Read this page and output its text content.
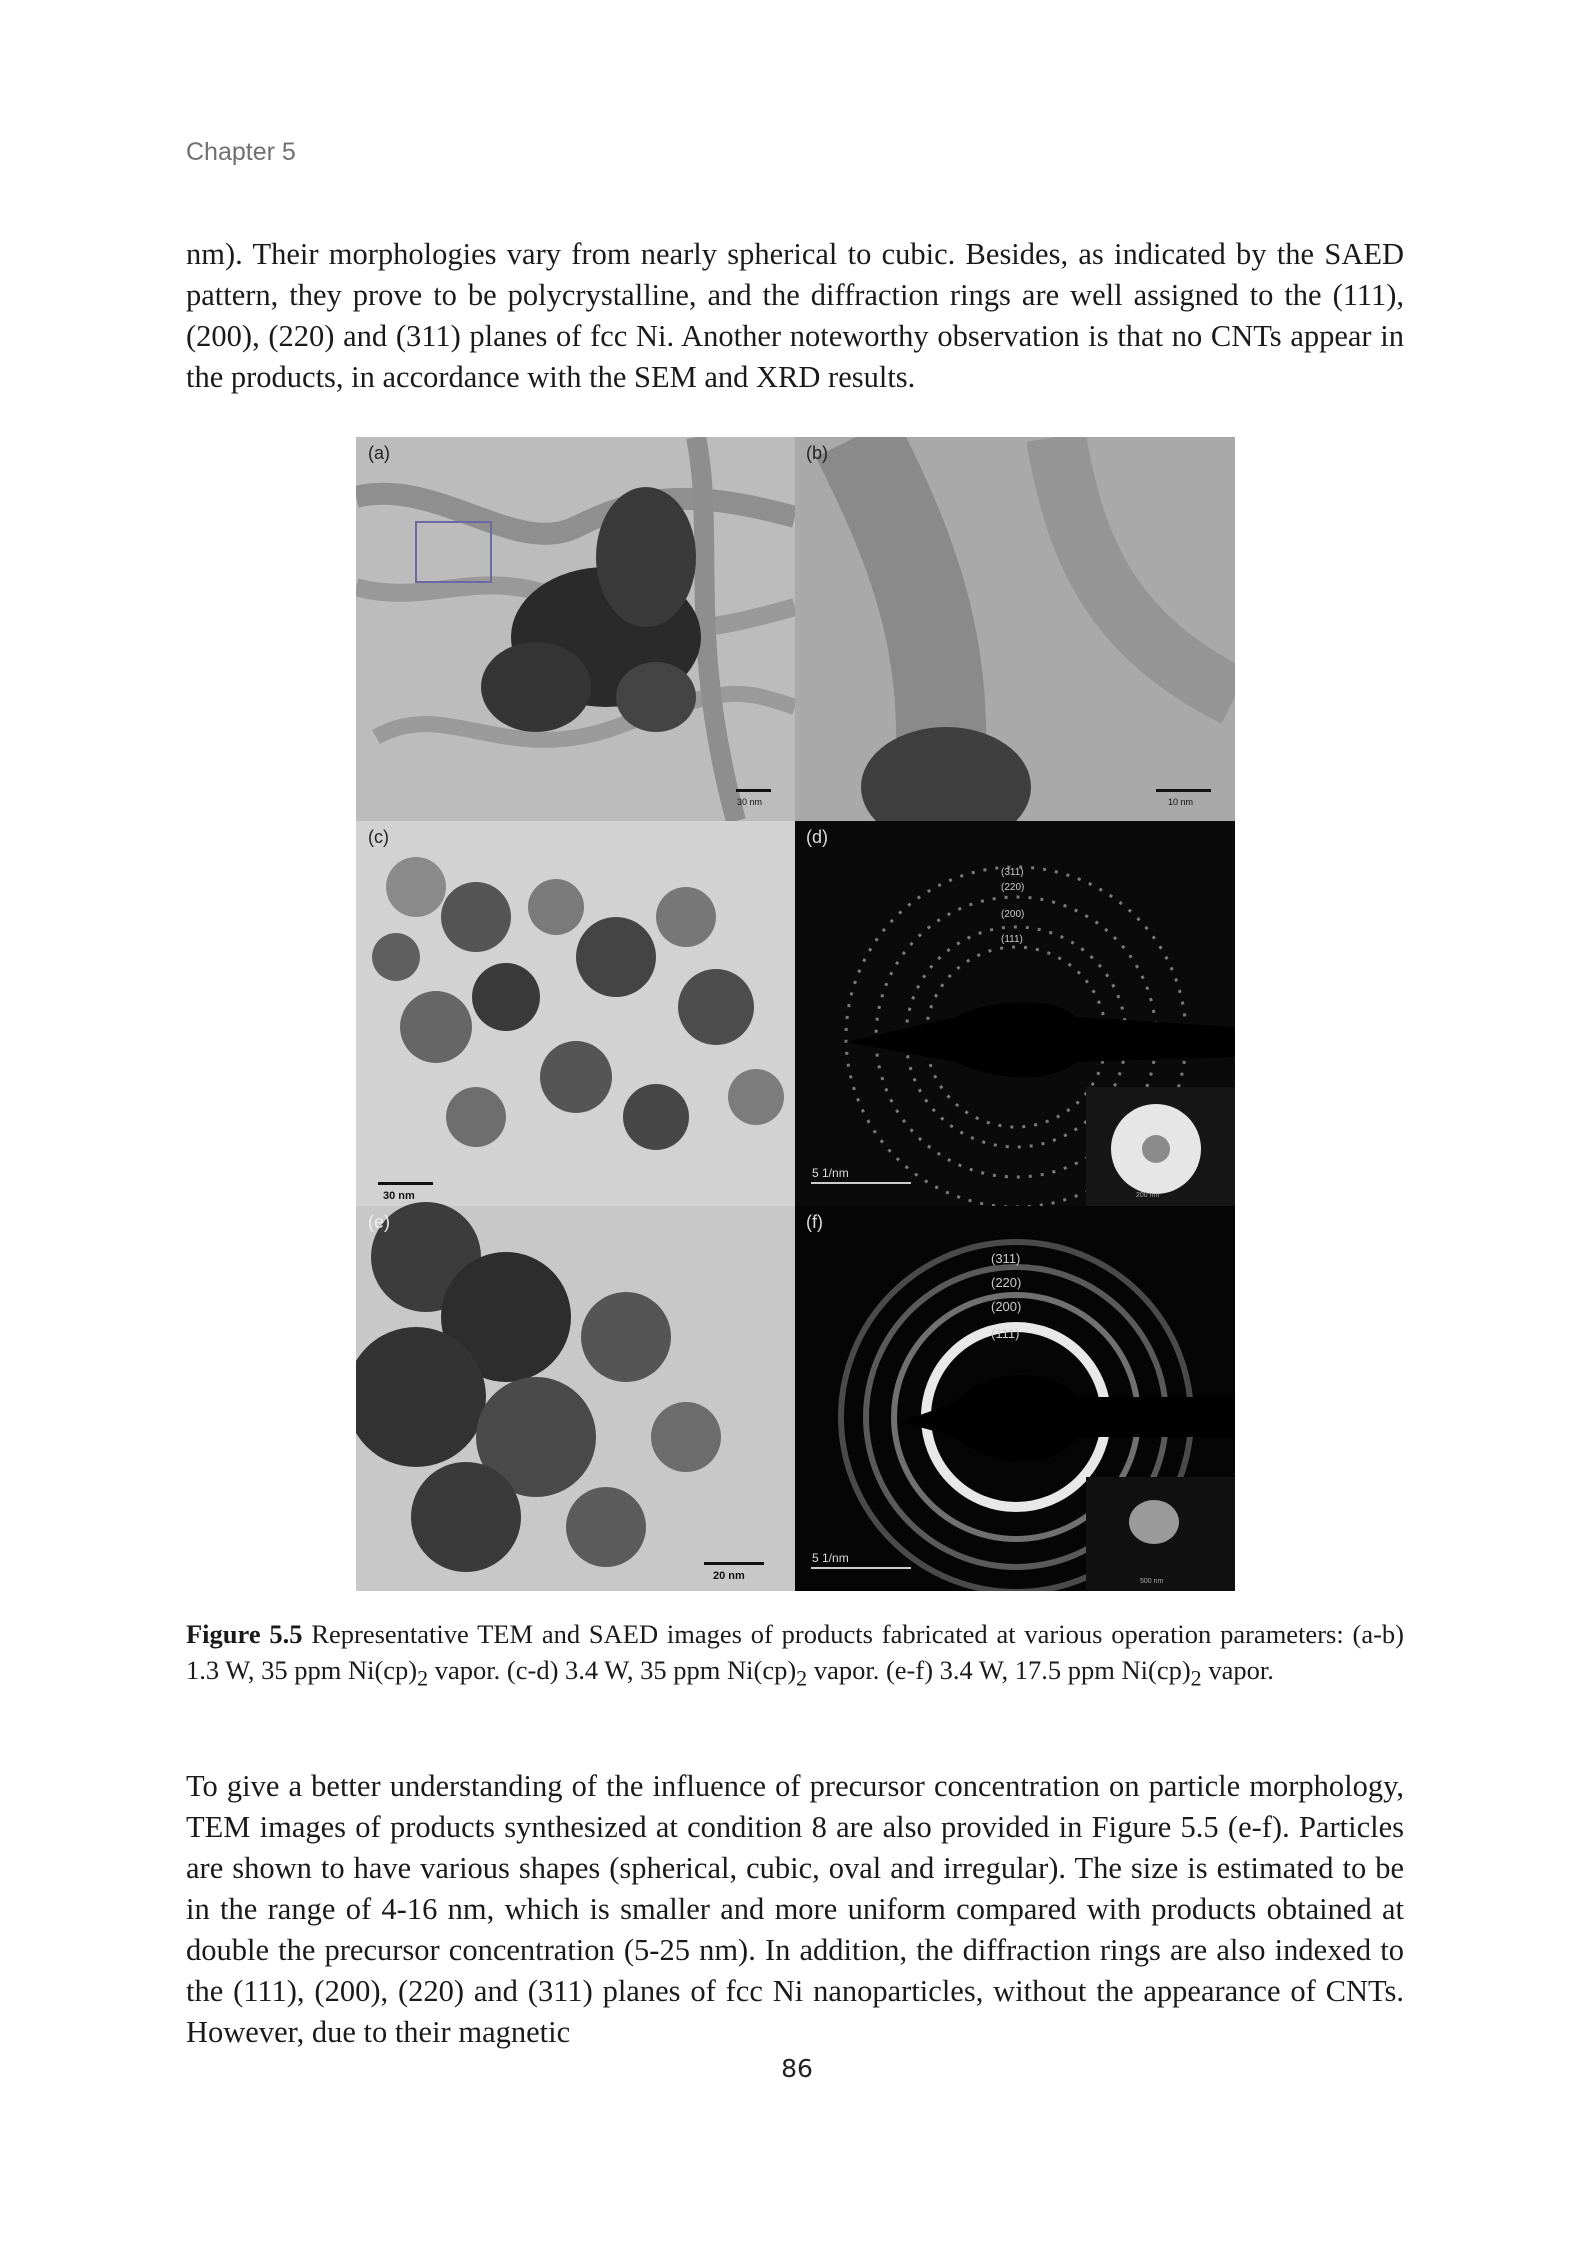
Chapter 5

nm). Their morphologies vary from nearly spherical to cubic. Besides, as indicated by the SAED pattern, they prove to be polycrystalline, and the diffraction rings are well assigned to the (111), (200), (220) and (311) planes of fcc Ni. Another noteworthy observation is that no CNTs appear in the products, in accordance with the SEM and XRD results.

(a)
30 nm
(b)
10 nm
(c)
30 nm
(d)
5 1/nm
200 nm
(311)
(220)
(200)
(111)
(e)
20 nm
(f)
5 1/nm
500 nm
(311)
(220)
(200)
(111)

Figure 5.5 Representative TEM and SAED images of products fabricated at various operation parameters: (a-b) 1.3 W, 35 ppm $Ni(cp)_2$ vapor. (c-d) 3.4 W, 35 ppm $Ni(cp)_2$ vapor. (e-f) 3.4 W, 17.5 ppm $Ni(cp)_2$ vapor.

To give a better understanding of the influence of precursor concentration on particle morphology, TEM images of products synthesized at condition 8 are also provided in Figure 5.5 (e-f). Particles are shown to have various shapes (spherical, cubic, oval and irregular). The size is estimated to be in the range of 4-16 nm, which is smaller and more uniform compared with products obtained at double the precursor concentration (5-25 nm). In addition, the diffraction rings are also indexed to the (111), (200), (220) and (311) planes of fcc Ni nanoparticles, without the appearance of CNTs. However, due to their magnetic

86
